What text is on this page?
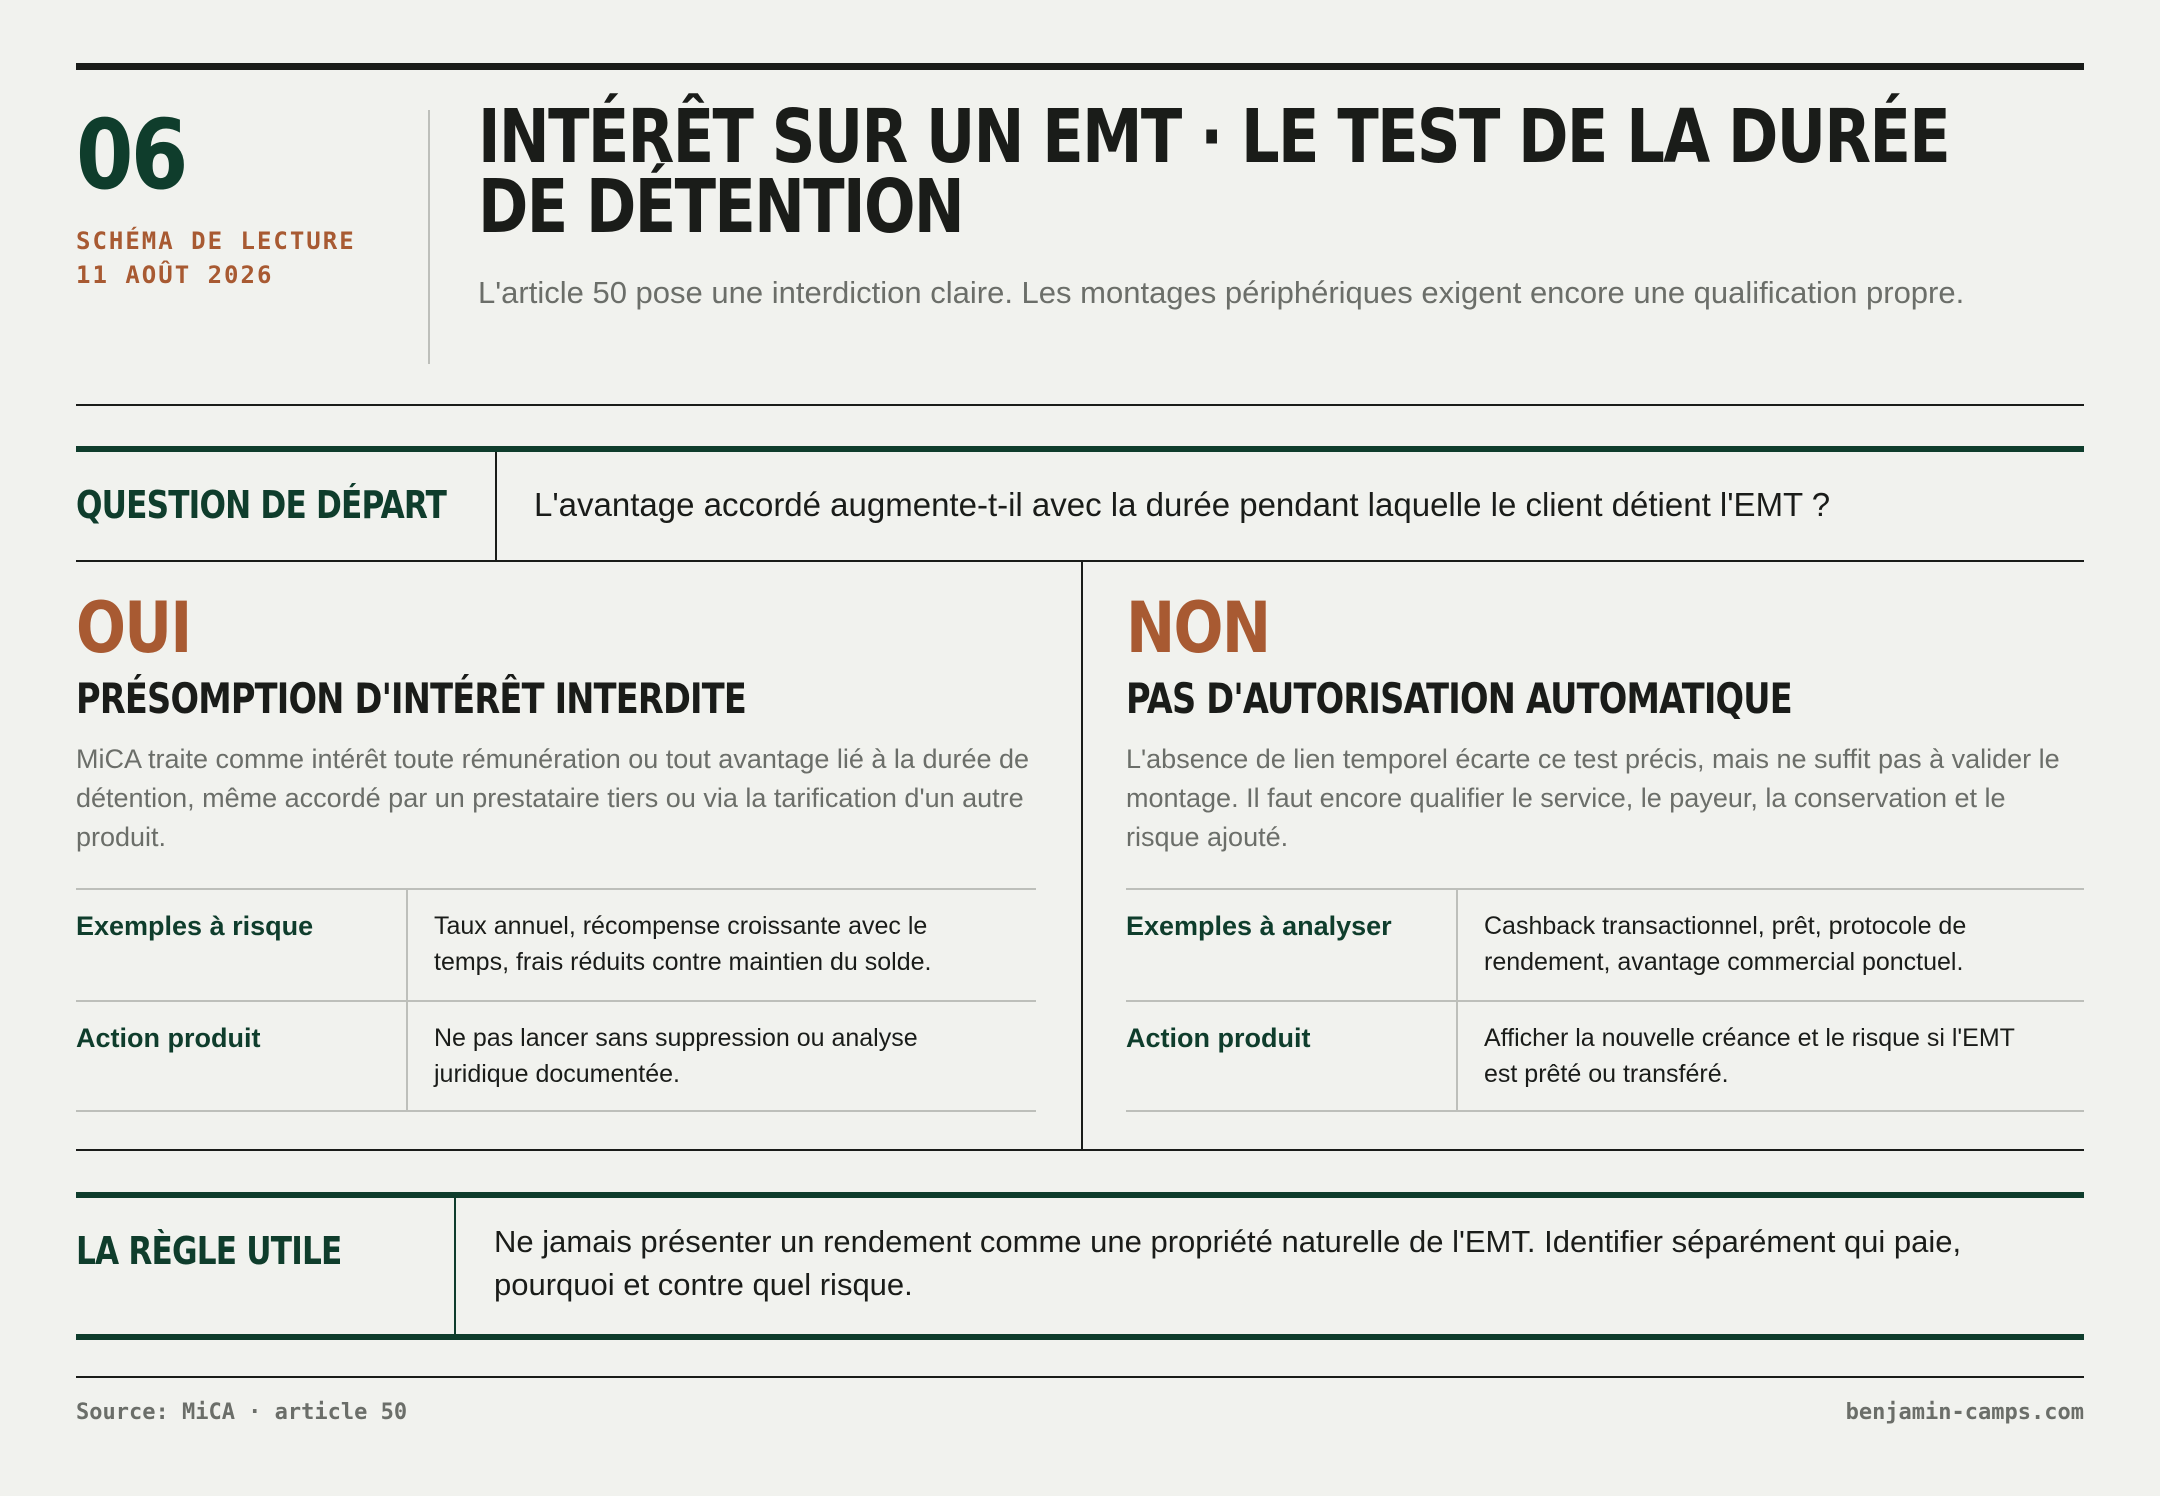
06
SCHÉMA DE LECTURE
11 AOÛT 2026
INTÉRÊT SUR UN EMT · LE TEST DE LA DURÉE DE DÉTENTION
L'article 50 pose une interdiction claire. Les montages périphériques exigent encore une qualification propre.
QUESTION DE DÉPART	L'avantage accordé augmente-t-il avec la durée pendant laquelle le client détient l'EMT ?
OUI
PRÉSOMPTION D'INTÉRÊT INTERDITE
MiCA traite comme intérêt toute rémunération ou tout avantage lié à la durée de détention, même accordé par un prestataire tiers ou via la tarification d'un autre produit.
Exemples à risque	Taux annuel, récompense croissante avec le temps, frais réduits contre maintien du solde.
Action produit	Ne pas lancer sans suppression ou analyse juridique documentée.
NON
PAS D'AUTORISATION AUTOMATIQUE
L'absence de lien temporel écarte ce test précis, mais ne suffit pas à valider le montage. Il faut encore qualifier le service, le payeur, la conservation et le risque ajouté.
Exemples à analyser	Cashback transactionnel, prêt, protocole de rendement, avantage commercial ponctuel.
Action produit	Afficher la nouvelle créance et le risque si l'EMT est prêté ou transféré.
LA RÈGLE UTILE	Ne jamais présenter un rendement comme une propriété naturelle de l'EMT. Identifier séparément qui paie, pourquoi et contre quel risque.
Source: MiCA · article 50	benjamin-camps.com
